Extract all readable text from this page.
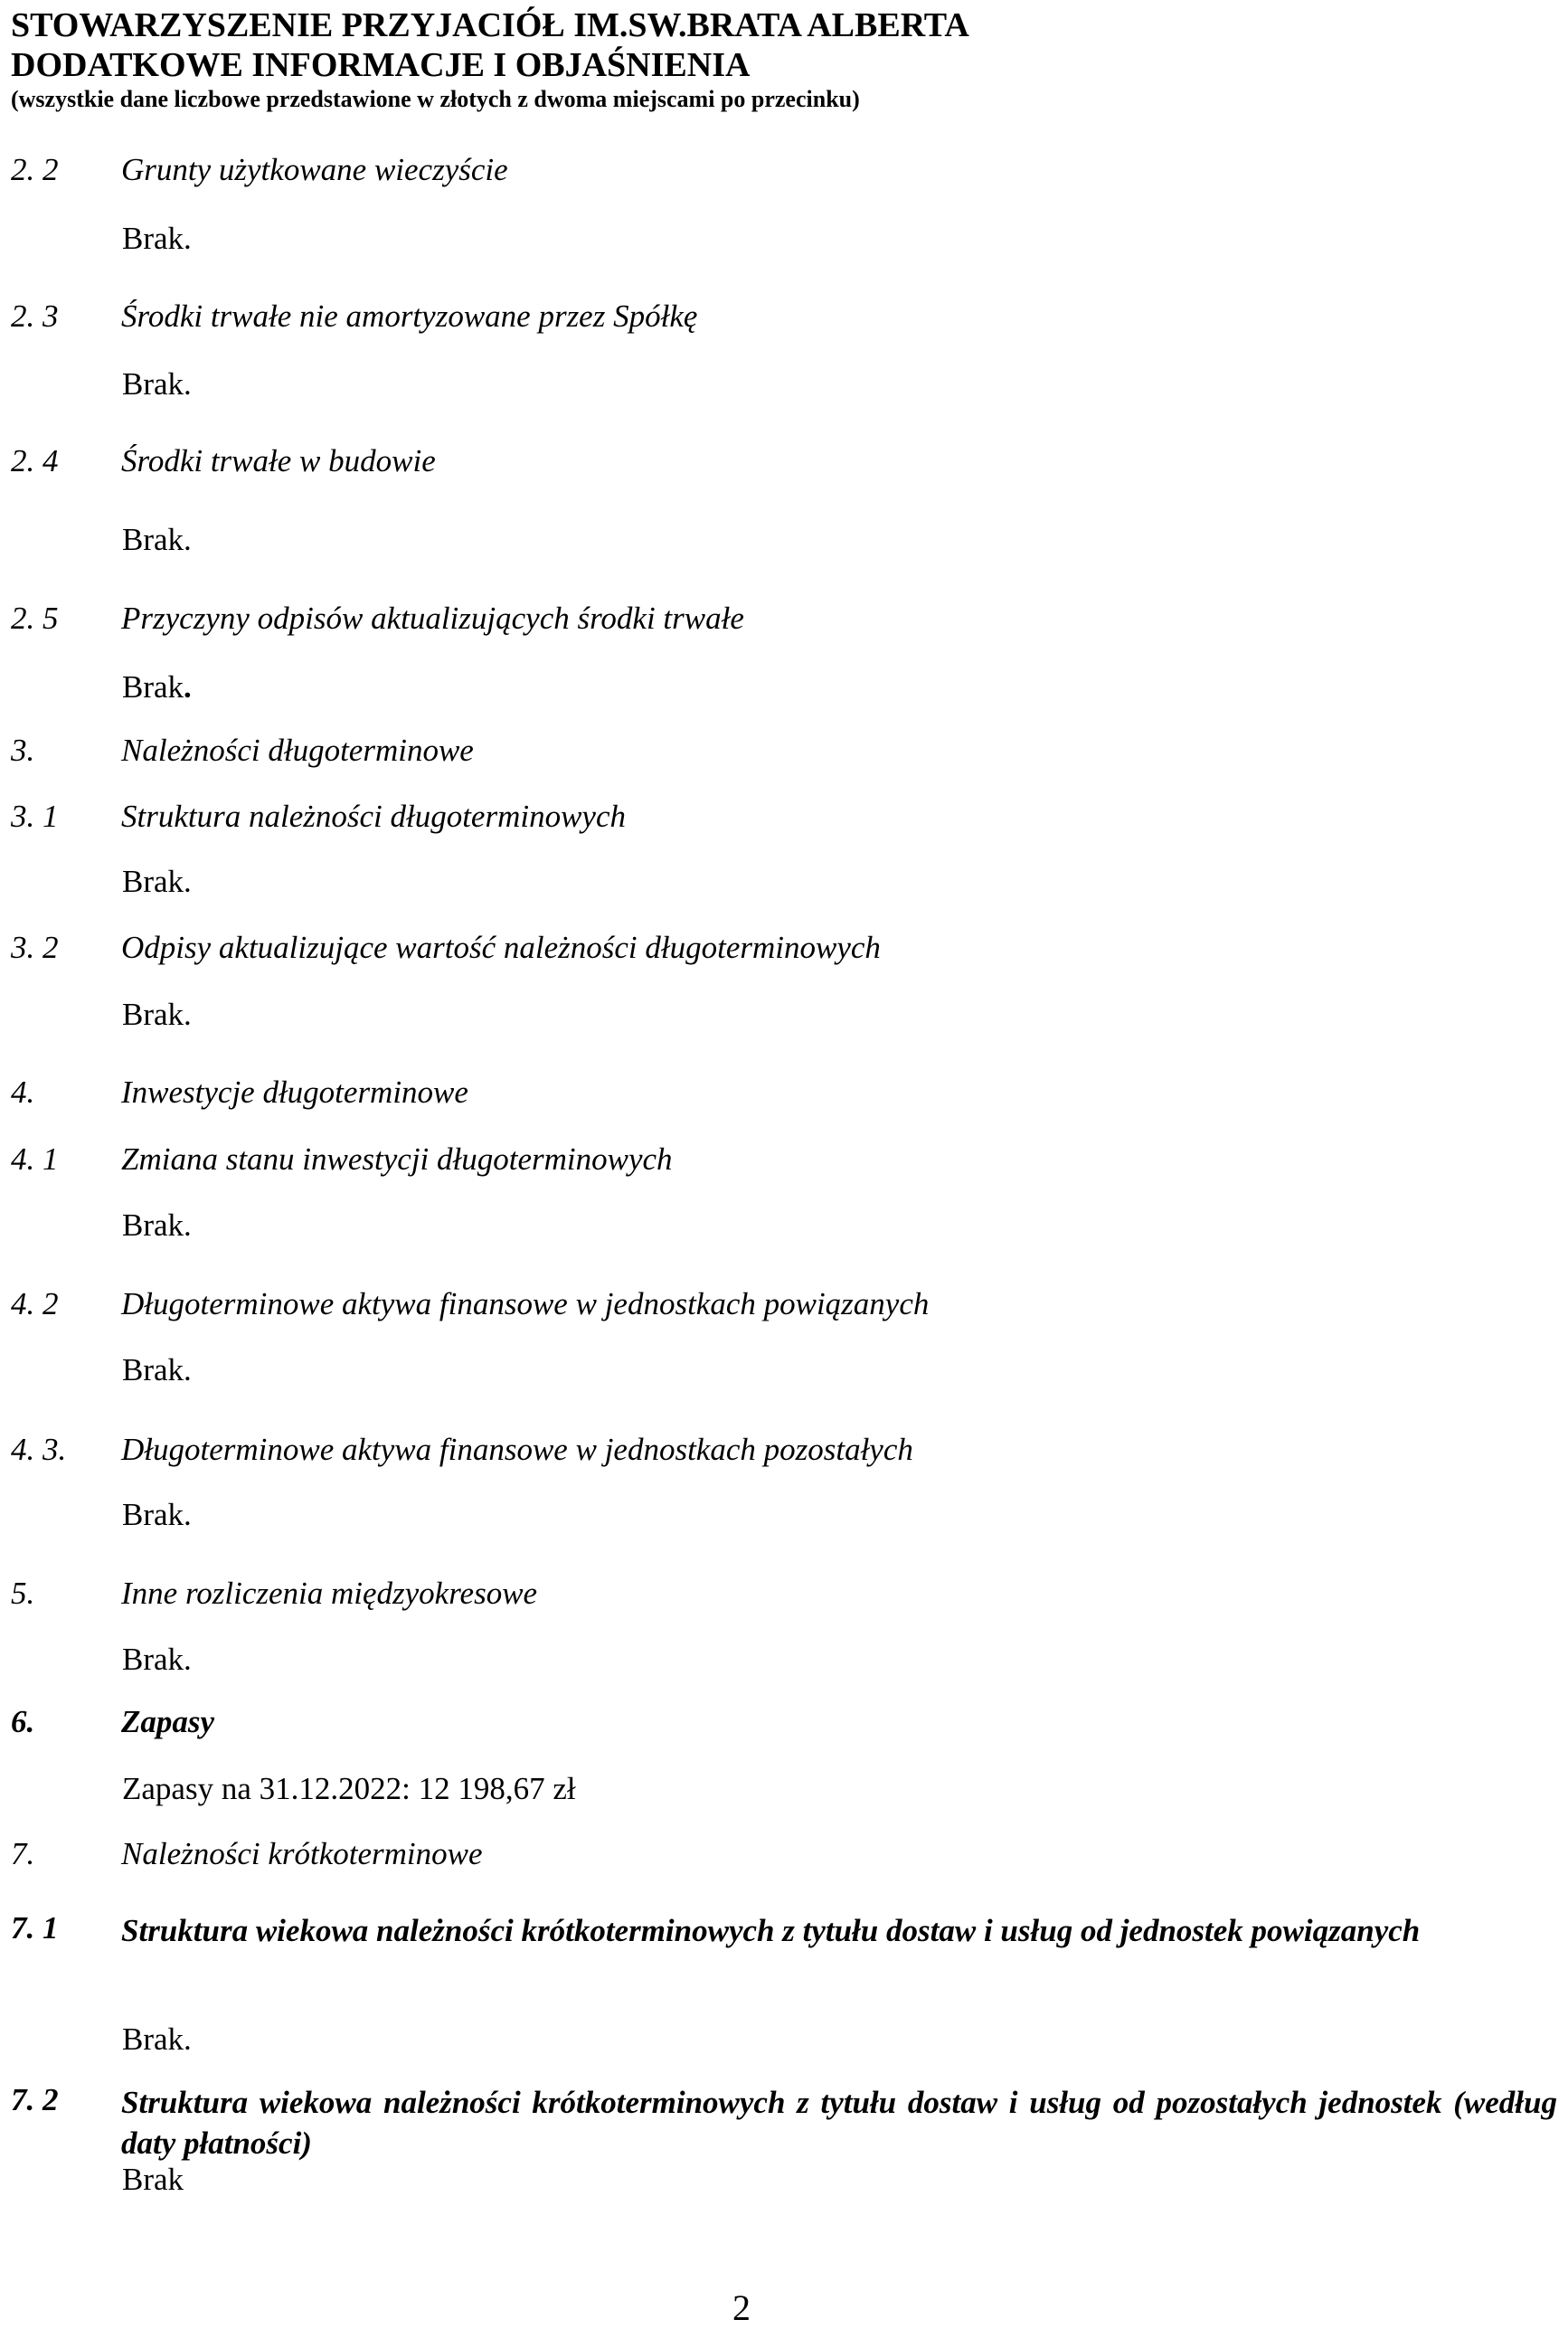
STOWARZYSZENIE PRZYJACIÓŁ IM.SW.BRATA ALBERTA
DODATKOWE INFORMACJE I OBJAŚNIENIA
(wszystkie dane liczbowe przedstawione w złotych z dwoma miejscami po przecinku)
2. 2 Grunty użytkowane wieczyście
Brak.
2. 3 Środki trwałe nie amortyzowane przez Spółkę
Brak.
2. 4 Środki trwałe w budowie
Brak.
2. 5 Przyczyny odpisów aktualizujących środki trwałe
Brak.
3.	Należności długoterminowe
3. 1 Struktura należności długoterminowych
Brak.
3. 2 Odpisy aktualizujące wartość należności długoterminowych
Brak.
4.	Inwestycje długoterminowe
4. 1 Zmiana stanu inwestycji długoterminowych
Brak.
4. 2 Długoterminowe aktywa finansowe w jednostkach powiązanych
Brak.
4. 3. Długoterminowe aktywa finansowe w jednostkach pozostałych
Brak.
5.	Inne rozliczenia międzyokresowe
Brak.
6.	Zapasy
Zapasy na 31.12.2022: 12 198,67 zł
7.	Należności krótkoterminowe
7. 1 Struktura wiekowa należności krótkoterminowych z tytułu dostaw i usług od jednostek powiązanych
Brak.
7. 2 Struktura wiekowa należności krótkoterminowych z tytułu dostaw i usług od pozostałych jednostek (według daty płatności)
Brak
2
